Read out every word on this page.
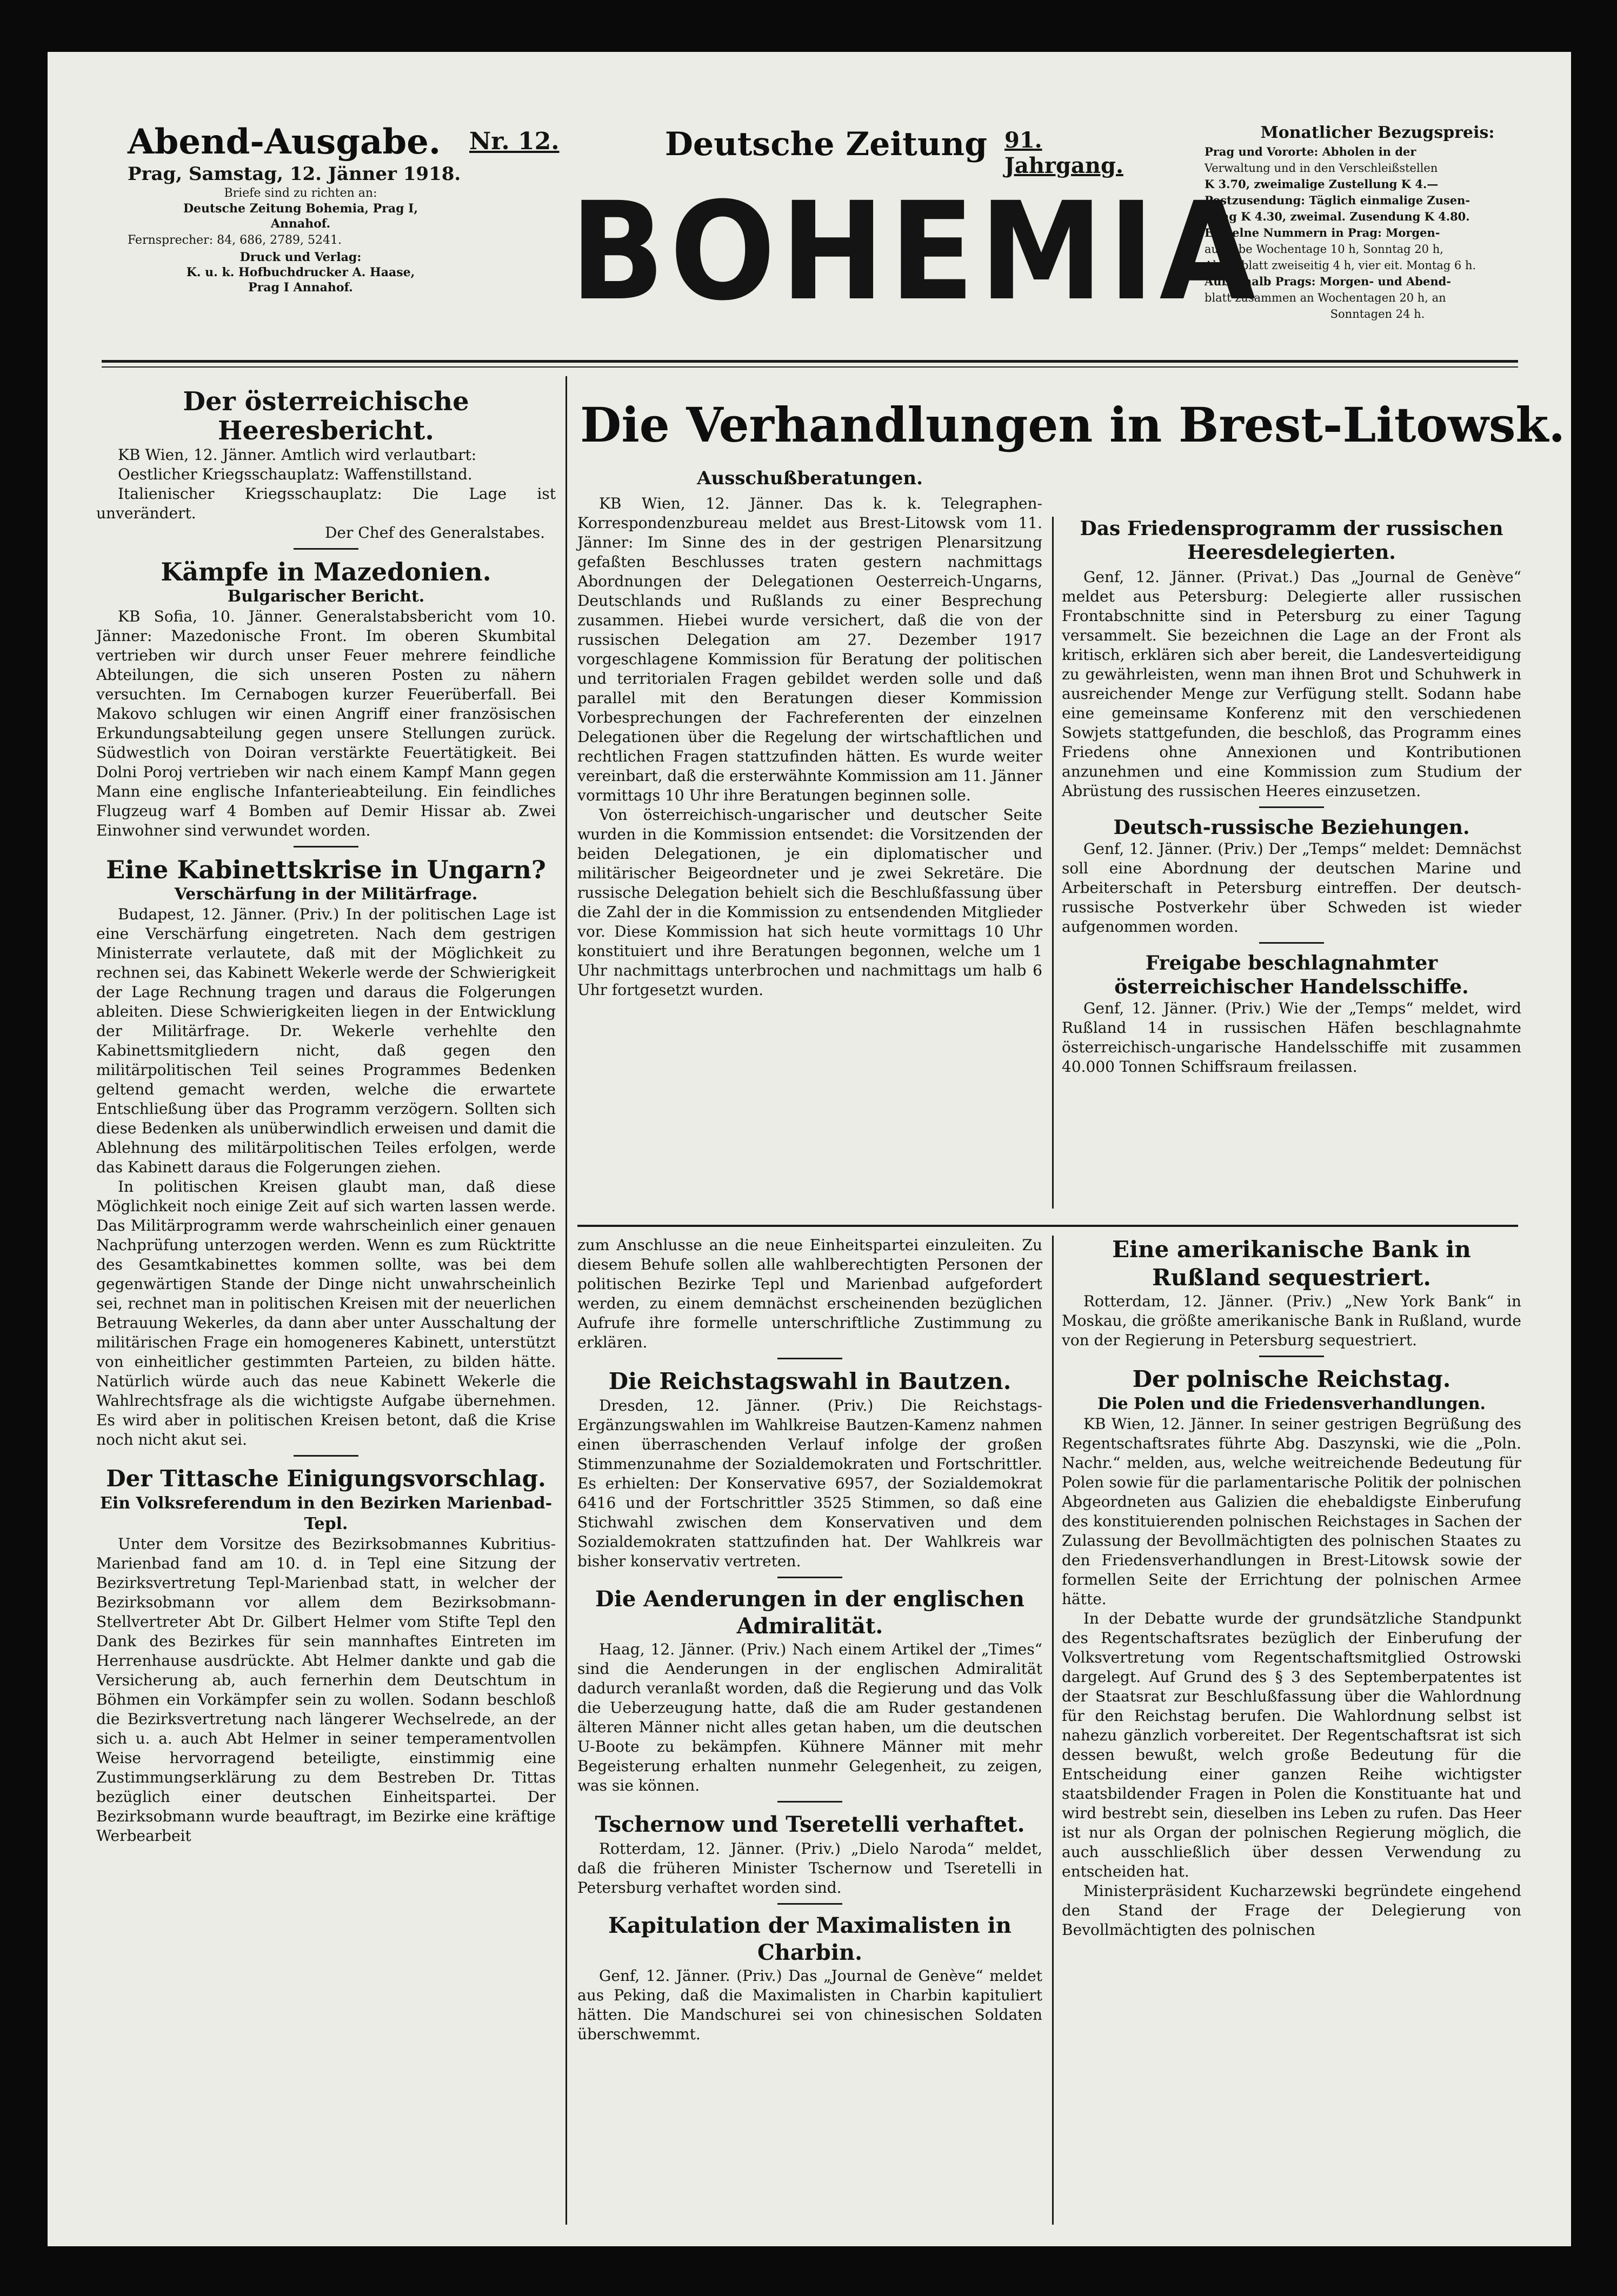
Abend-Ausgabe.
Prag, Samstag, 12. Jänner 1918.
Briefe sind zu richten an:
Deutsche Zeitung Bohemia, Prag I,
Annahof.
Fernsprecher: 84, 686, 2789, 5241.
Druck und Verlag:
K. u. k. Hofbuchdrucker A. Haase,
Prag I Annahof.
Nr. 12.	Deutsche Zeitung 91. Jahrgang.
BOHEMIA
Monatlicher Bezugspreis:
Prag und Vororte: Abholen in der
Verwaltung und in den Verschleißstellen
K 3.70, zweimalige Zustellung K 4.—
Postzusendung: Täglich einmalige Zusen-
dung K 4.30, zweimal. Zusendung K 4.80.
Einzelne Nummern in Prag: Morgen-
ausgabe Wochentage 10 h, Sonntag 20 h,
Abendblatt zweiseitig 4 h, vier eit. Montag 6 h.
Außerhalb Prags: Morgen- und Abend-
blatt zusammen an Wochentagen 20 h, an
Sonntagen 24 h.

Der österreichische Heeresbericht.

KB Wien, 12. Jänner. Amtlich wird verlautbart:

Oestlicher Kriegsschauplatz: Waffenstillstand.

Italienischer Kriegsschauplatz: Die Lage ist unverändert.

Der Chef des Generalstabes.

Kämpfe in Mazedonien.

Bulgarischer Bericht.

KB Sofia, 10. Jänner. Generalstabsbericht vom 10. Jänner: Mazedonische Front. Im oberen Skumbital vertrieben wir durch unser Feuer mehrere feindliche Abteilungen, die sich unseren Posten zu nähern versuchten. Im Cernabogen kurzer Feuerüberfall. Bei Makovo schlugen wir einen Angriff einer französischen Erkundungsabteilung gegen unsere Stellungen zurück. Südwestlich von Doiran verstärkte Feuertätigkeit. Bei Dolni Poroj vertrieben wir nach einem Kampf Mann gegen Mann eine englische Infanterieabteilung. Ein feindliches Flugzeug warf 4 Bomben auf Demir Hissar ab. Zwei Einwohner sind verwundet worden.

Eine Kabinettskrise in Ungarn?

Verschärfung in der Militärfrage.

Budapest, 12. Jänner. (Priv.) In der politischen Lage ist eine Verschärfung eingetreten. Nach dem gestrigen Ministerrate verlautete, daß mit der Möglichkeit zu rechnen sei, das Kabinett Wekerle werde der Schwierigkeit der Lage Rechnung tragen und daraus die Folgerungen ableiten. Diese Schwierigkeiten liegen in der Entwicklung der Militärfrage. Dr. Wekerle verhehlte den Kabinettsmitgliedern nicht, daß gegen den militärpolitischen Teil seines Programmes Bedenken geltend gemacht werden, welche die erwartete Entschließung über das Programm verzögern. Sollten sich diese Bedenken als unüberwindlich erweisen und damit die Ablehnung des militärpolitischen Teiles erfolgen, werde das Kabinett daraus die Folgerungen ziehen.

In politischen Kreisen glaubt man, daß diese Möglichkeit noch einige Zeit auf sich warten lassen werde. Das Militärprogramm werde wahrscheinlich einer genauen Nachprüfung unterzogen werden. Wenn es zum Rücktritte des Gesamtkabinettes kommen sollte, was bei dem gegenwärtigen Stande der Dinge nicht unwahrscheinlich sei, rechnet man in politischen Kreisen mit der neuerlichen Betrauung Wekerles, da dann aber unter Ausschaltung der militärischen Frage ein homogeneres Kabinett, unterstützt von einheitlicher gestimmten Parteien, zu bilden hätte. Natürlich würde auch das neue Kabinett Wekerle die Wahlrechtsfrage als die wichtigste Aufgabe übernehmen. Es wird aber in politischen Kreisen betont, daß die Krise noch nicht akut sei.

Der Tittasche Einigungsvorschlag.

Ein Volksreferendum in den Bezirken Marienbad-Tepl.

Unter dem Vorsitze des Bezirksobmannes Kubritius-Marienbad fand am 10. d. in Tepl eine Sitzung der Bezirksvertretung Tepl-Marienbad statt, in welcher der Bezirksobmann vor allem dem Bezirksobmann-Stellvertreter Abt Dr. Gilbert Helmer vom Stifte Tepl den Dank des Bezirkes für sein mannhaftes Eintreten im Herrenhause ausdrückte. Abt Helmer dankte und gab die Versicherung ab, auch fernerhin dem Deutschtum in Böhmen ein Vorkämpfer sein zu wollen. Sodann beschloß die Bezirksvertretung nach längerer Wechselrede, an der sich u. a. auch Abt Helmer in seiner temperamentvollen Weise hervorragend beteiligte, einstimmig eine Zustimmungserklärung zu dem Bestreben Dr. Tittas bezüglich einer deutschen Einheitspartei. Der Bezirksobmann wurde beauftragt, im Bezirke eine kräftige Werbearbeit

Die Verhandlungen in Brest-Litowsk.

Ausschußberatungen.

KB Wien, 12. Jänner. Das k. k. Telegraphen-Korrespondenzbureau meldet aus Brest-Litowsk vom 11. Jänner: Im Sinne des in der gestrigen Plenarsitzung gefaßten Beschlusses traten gestern nachmittags Abordnungen der Delegationen Oesterreich-Ungarns, Deutschlands und Rußlands zu einer Besprechung zusammen. Hiebei wurde versichert, daß die von der russischen Delegation am 27. Dezember 1917 vorgeschlagene Kommission für Beratung der politischen und territorialen Fragen gebildet werden solle und daß parallel mit den Beratungen dieser Kommission Vorbesprechungen der Fachreferenten der einzelnen Delegationen über die Regelung der wirtschaftlichen und rechtlichen Fragen stattzufinden hätten. Es wurde weiter vereinbart, daß die ersterwähnte Kommission am 11. Jänner vormittags 10 Uhr ihre Beratungen beginnen solle.

Von österreichisch-ungarischer und deutscher Seite wurden in die Kommission entsendet: die Vorsitzenden der beiden Delegationen, je ein diplomatischer und militärischer Beigeordneter und je zwei Sekretäre. Die russische Delegation behielt sich die Beschlußfassung über die Zahl der in die Kommission zu entsendenden Mitglieder vor. Diese Kommission hat sich heute vormittags 10 Uhr konstituiert und ihre Beratungen begonnen, welche um 1 Uhr nachmittags unterbrochen und nachmittags um halb 6 Uhr fortgesetzt wurden.

Das Friedensprogramm der russischen Heeresdelegierten.

Genf, 12. Jänner. (Privat.) Das „Journal de Genève“ meldet aus Petersburg: Delegierte aller russischen Frontabschnitte sind in Petersburg zu einer Tagung versammelt. Sie bezeichnen die Lage an der Front als kritisch, erklären sich aber bereit, die Landesverteidigung zu gewährleisten, wenn man ihnen Brot und Schuhwerk in ausreichender Menge zur Verfügung stellt. Sodann habe eine gemeinsame Konferenz mit den verschiedenen Sowjets stattgefunden, die beschloß, das Programm eines Friedens ohne Annexionen und Kontributionen anzunehmen und eine Kommission zum Studium der Abrüstung des russischen Heeres einzusetzen.

Deutsch-russische Beziehungen.

Genf, 12. Jänner. (Priv.) Der „Temps“ meldet: Demnächst soll eine Abordnung der deutschen Marine und Arbeiterschaft in Petersburg eintreffen. Der deutsch-russische Postverkehr über Schweden ist wieder aufgenommen worden.

Freigabe beschlagnahmter österreichischer Handelsschiffe.

Genf, 12. Jänner. (Priv.) Wie der „Temps“ meldet, wird Rußland 14 in russischen Häfen beschlagnahmte österreichisch-ungarische Handelsschiffe mit zusammen 40.000 Tonnen Schiffsraum freilassen.

zum Anschlusse an die neue Einheitspartei einzuleiten. Zu diesem Behufe sollen alle wahlberechtigten Personen der politischen Bezirke Tepl und Marienbad aufgefordert werden, zu einem demnächst erscheinenden bezüglichen Aufrufe ihre formelle unterschriftliche Zustimmung zu erklären.

Die Reichstagswahl in Bautzen.

Dresden, 12. Jänner. (Priv.) Die Reichstags-Ergänzungswahlen im Wahlkreise Bautzen-Kamenz nahmen einen überraschenden Verlauf infolge der großen Stimmenzunahme der Sozialdemokraten und Fortschrittler. Es erhielten: Der Konservative 6957, der Sozialdemokrat 6416 und der Fortschrittler 3525 Stimmen, so daß eine Stichwahl zwischen dem Konservativen und dem Sozialdemokraten stattzufinden hat. Der Wahlkreis war bisher konservativ vertreten.

Die Aenderungen in der englischen Admiralität.

Haag, 12. Jänner. (Priv.) Nach einem Artikel der „Times“ sind die Aenderungen in der englischen Admiralität dadurch veranlaßt worden, daß die Regierung und das Volk die Ueberzeugung hatte, daß die am Ruder gestandenen älteren Männer nicht alles getan haben, um die deutschen U-Boote zu bekämpfen. Kühnere Männer mit mehr Begeisterung erhalten nunmehr Gelegenheit, zu zeigen, was sie können.

Tschernow und Tseretelli verhaftet.

Rotterdam, 12. Jänner. (Priv.) „Dielo Naroda“ meldet, daß die früheren Minister Tschernow und Tseretelli in Petersburg verhaftet worden sind.

Kapitulation der Maximalisten in Charbin.

Genf, 12. Jänner. (Priv.) Das „Journal de Genève“ meldet aus Peking, daß die Maximalisten in Charbin kapituliert hätten. Die Mandschurei sei von chinesischen Soldaten überschwemmt.

Eine amerikanische Bank in Rußland sequestriert.

Rotterdam, 12. Jänner. (Priv.) „New York Bank“ in Moskau, die größte amerikanische Bank in Rußland, wurde von der Regierung in Petersburg sequestriert.

Der polnische Reichstag.

Die Polen und die Friedensverhandlungen.

KB Wien, 12. Jänner. In seiner gestrigen Begrüßung des Regentschaftsrates führte Abg. Daszynski, wie die „Poln. Nachr.“ melden, aus, welche weitreichende Bedeutung für Polen sowie für die parlamentarische Politik der polnischen Abgeordneten aus Galizien die ehebaldigste Einberufung des konstituierenden polnischen Reichstages in Sachen der Zulassung der Bevollmächtigten des polnischen Staates zu den Friedensverhandlungen in Brest-Litowsk sowie der formellen Seite der Errichtung der polnischen Armee hätte.

In der Debatte wurde der grundsätzliche Standpunkt des Regentschaftsrates bezüglich der Einberufung der Volksvertretung vom Regentschaftsmitglied Ostrowski dargelegt. Auf Grund des § 3 des Septemberpatentes ist der Staatsrat zur Beschlußfassung über die Wahlordnung für den Reichstag berufen. Die Wahlordnung selbst ist nahezu gänzlich vorbereitet. Der Regentschaftsrat ist sich dessen bewußt, welch große Bedeutung für die Entscheidung einer ganzen Reihe wichtigster staatsbildender Fragen in Polen die Konstituante hat und wird bestrebt sein, dieselben ins Leben zu rufen. Das Heer ist nur als Organ der polnischen Regierung möglich, die auch ausschließlich über dessen Verwendung zu entscheiden hat.

Ministerpräsident Kucharzewski begründete eingehend den Stand der Frage der Delegierung von Bevollmächtigten des polnischen
